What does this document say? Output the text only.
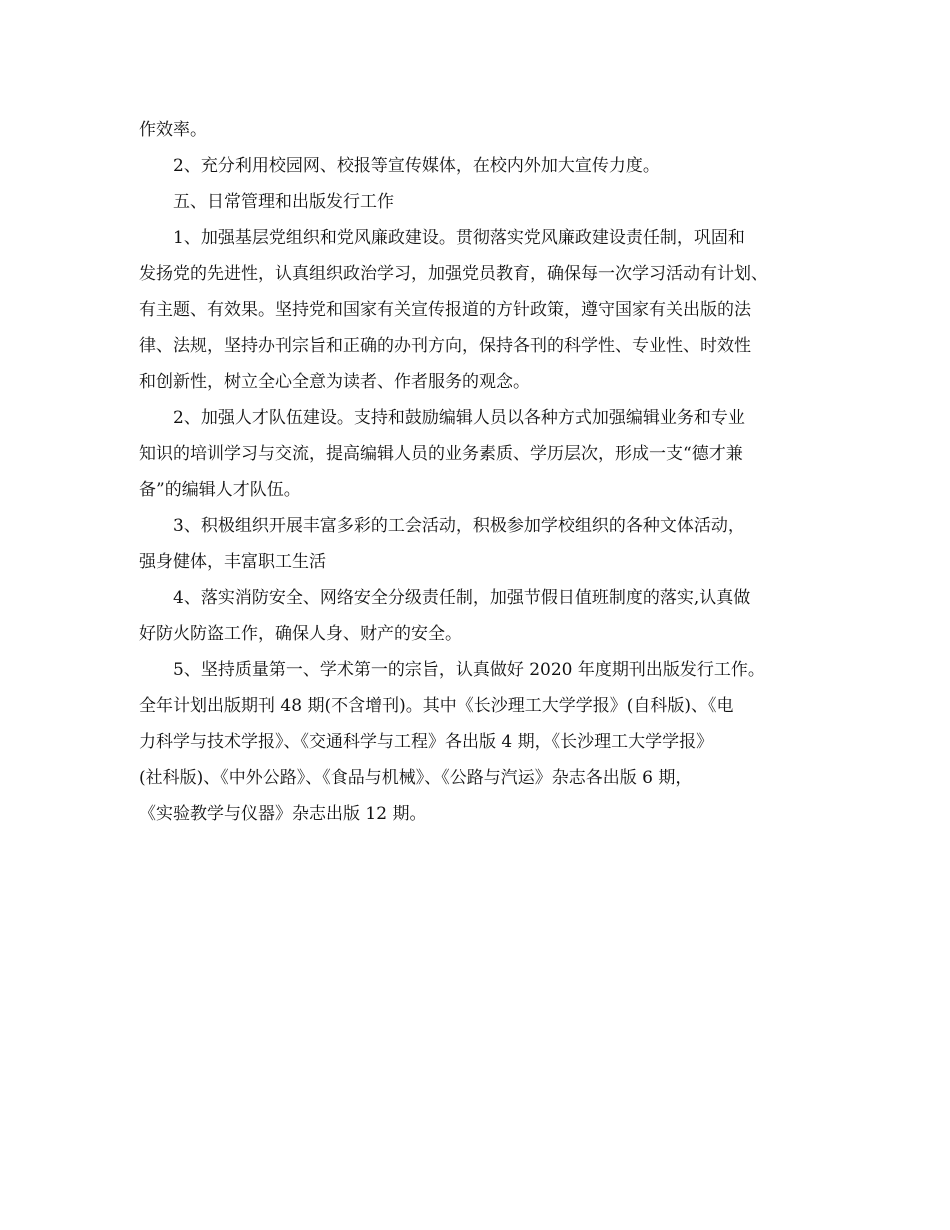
作效率。
2、充分利用校园网、校报等宣传媒体，在校内外加大宣传力度。
五、日常管理和出版发行工作
1、加强基层党组织和党风廉政建设。贯彻落实党风廉政建设责任制，巩固和
发扬党的先进性，认真组织政治学习，加强党员教育，确保每一次学习活动有计划、
有主题、有效果。坚持党和国家有关宣传报道的方针政策，遵守国家有关出版的法
律、法规，坚持办刊宗旨和正确的办刊方向，保持各刊的科学性、专业性、时效性
和创新性，树立全心全意为读者、作者服务的观念。
2、加强人才队伍建设。支持和鼓励编辑人员以各种方式加强编辑业务和专业
知识的培训学习与交流，提高编辑人员的业务素质、学历层次，形成一支“德才兼
备”的编辑人才队伍。
3、积极组织开展丰富多彩的工会活动，积极参加学校组织的各种文体活动，
强身健体，丰富职工生活
4、落实消防安全、网络安全分级责任制，加强节假日值班制度的落实,认真做
好防火防盗工作，确保人身、财产的安全。
5、坚持质量第一、学术第一的宗旨，认真做好 2020 年度期刊出版发行工作。
全年计划出版期刊 48 期(不含增刊)。其中《长沙理工大学学报》(自科版)、《电
力科学与技术学报》、《交通科学与工程》各出版 4 期，《长沙理工大学学报》
(社科版)、《中外公路》、《食品与机械》、《公路与汽运》杂志各出版 6 期，
《实验教学与仪器》杂志出版 12 期。
